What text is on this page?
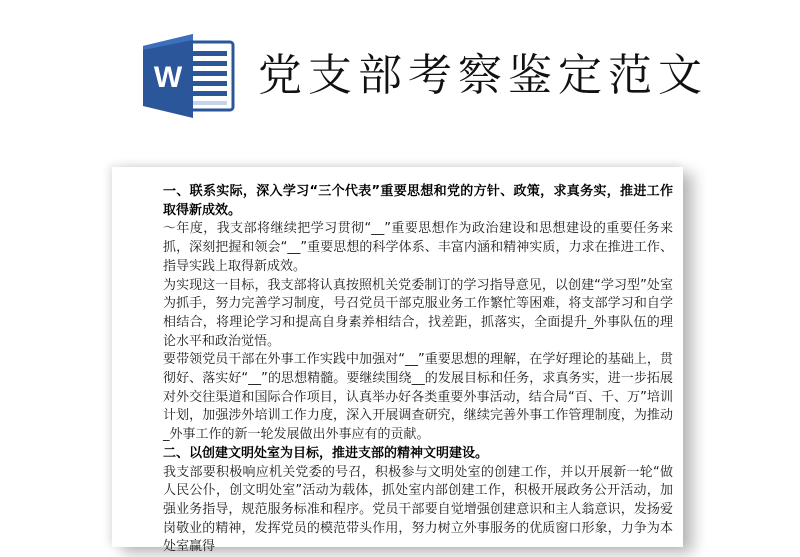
W 党支部考察鉴定范文

一、联系实际，深入学习“三个代表”重要思想和党的方针、政策，求真务实，推进工作取得新成效。

～年度，我支部将继续把学习贯彻“__”重要思想作为政治建设和思想建设的重要任务来抓，深刻把握和领会“__”重要思想的科学体系、丰富内涵和精神实质，力求在推进工作、指导实践上取得新成效。

为实现这一目标，我支部将认真按照机关党委制订的学习指导意见，以创建“学习型”处室为抓手，努力完善学习制度，号召党员干部克服业务工作繁忙等困难，将支部学习和自学相结合，将理论学习和提高自身素养相结合，找差距，抓落实，全面提升_外事队伍的理论水平和政治觉悟。

要带领党员干部在外事工作实践中加强对“__”重要思想的理解，在学好理论的基础上，贯彻好、落实好“__”的思想精髓。要继续围绕__的发展目标和任务，求真务实，进一步拓展对外交往渠道和国际合作项目，认真举办好各类重要外事活动，结合局“百、千、万”培训计划，加强涉外培训工作力度，深入开展调查研究，继续完善外事工作管理制度，为推动_外事工作的新一轮发展做出外事应有的贡献。

二、以创建文明处室为目标，推进支部的精神文明建设。

我支部要积极响应机关党委的号召，积极参与文明处室的创建工作，并以开展新一轮“做人民公仆，创文明处室”活动为载体，抓处室内部创建工作，积极开展政务公开活动，加强业务指导，规范服务标准和程序。党员干部要自觉增强创建意识和主人翁意识，发扬爱岗敬业的精神，发挥党员的模范带头作用，努力树立外事服务的优质窗口形象，力争为本处室赢得
